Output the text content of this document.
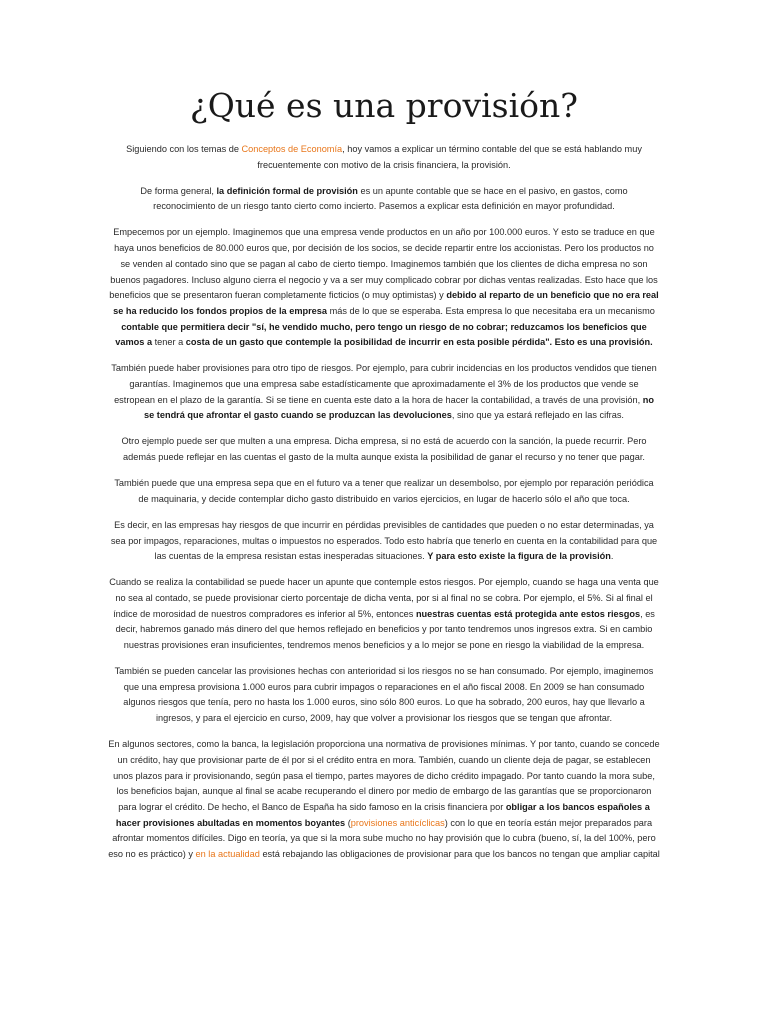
¿Qué es una provisión?

Siguiendo con los temas de Conceptos de Economía, hoy vamos a explicar un término contable del que se está hablando muy frecuentemente con motivo de la crisis financiera, la provisión.

De forma general, la definición formal de provisión es un apunte contable que se hace en el pasivo, en gastos, como reconocimiento de un riesgo tanto cierto como incierto. Pasemos a explicar esta definición en mayor profundidad.

Empecemos por un ejemplo. Imaginemos que una empresa vende productos en un año por 100.000 euros. Y esto se traduce en que haya unos beneficios de 80.000 euros que, por decisión de los socios, se decide repartir entre los accionistas. Pero los productos no se venden al contado sino que se pagan al cabo de cierto tiempo. Imaginemos también que los clientes de dicha empresa no son buenos pagadores. Incluso alguno cierra el negocio y va a ser muy complicado cobrar por dichas ventas realizadas. Esto hace que los beneficios que se presentaron fueran completamente ficticios (o muy optimistas) y debido al reparto de un beneficio que no era real se ha reducido los fondos propios de la empresa más de lo que se esperaba. Esta empresa lo que necesitaba era un mecanismo contable que permitiera decir "sí, he vendido mucho, pero tengo un riesgo de no cobrar; reduzcamos los beneficios que vamos a tener a costa de un gasto que contemple la posibilidad de incurrir en esta posible pérdida". Esto es una provisión.

También puede haber provisiones para otro tipo de riesgos. Por ejemplo, para cubrir incidencias en los productos vendidos que tienen garantías. Imaginemos que una empresa sabe estadísticamente que aproximadamente el 3% de los productos que vende se estropean en el plazo de la garantía. Si se tiene en cuenta este dato a la hora de hacer la contabilidad, a través de una provisión, no se tendrá que afrontar el gasto cuando se produzcan las devoluciones, sino que ya estará reflejado en las cifras.

Otro ejemplo puede ser que multen a una empresa. Dicha empresa, si no está de acuerdo con la sanción, la puede recurrir. Pero además puede reflejar en las cuentas el gasto de la multa aunque exista la posibilidad de ganar el recurso y no tener que pagar.

También puede que una empresa sepa que en el futuro va a tener que realizar un desembolso, por ejemplo por reparación periódica de maquinaria, y decide contemplar dicho gasto distribuido en varios ejercicios, en lugar de hacerlo sólo el año que toca.

Es decir, en las empresas hay riesgos de que incurrir en pérdidas previsibles de cantidades que pueden o no estar determinadas, ya sea por impagos, reparaciones, multas o impuestos no esperados. Todo esto habría que tenerlo en cuenta en la contabilidad para que las cuentas de la empresa resistan estas inesperadas situaciones. Y para esto existe la figura de la provisión.

Cuando se realiza la contabilidad se puede hacer un apunte que contemple estos riesgos. Por ejemplo, cuando se haga una venta que no sea al contado, se puede provisionar cierto porcentaje de dicha venta, por si al final no se cobra. Por ejemplo, el 5%. Si al final el índice de morosidad de nuestros compradores es inferior al 5%, entonces nuestras cuentas está protegida ante estos riesgos, es decir, habremos ganado más dinero del que hemos reflejado en beneficios y por tanto tendremos unos ingresos extra. Si en cambio nuestras provisiones eran insuficientes, tendremos menos beneficios y a lo mejor se pone en riesgo la viabilidad de la empresa.

También se pueden cancelar las provisiones hechas con anterioridad si los riesgos no se han consumado. Por ejemplo, imaginemos que una empresa provisiona 1.000 euros para cubrir impagos o reparaciones en el año fiscal 2008. En 2009 se han consumado algunos riesgos que tenía, pero no hasta los 1.000 euros, sino sólo 800 euros. Lo que ha sobrado, 200 euros, hay que llevarlo a ingresos, y para el ejercicio en curso, 2009, hay que volver a provisionar los riesgos que se tengan que afrontar.

En algunos sectores, como la banca, la legislación proporciona una normativa de provisiones mínimas. Y por tanto, cuando se concede un crédito, hay que provisionar parte de él por si el crédito entra en mora. También, cuando un cliente deja de pagar, se establecen unos plazos para ir provisionando, según pasa el tiempo, partes mayores de dicho crédito impagado. Por tanto cuando la mora sube, los beneficios bajan, aunque al final se acabe recuperando el dinero por medio de embargo de las garantías que se proporcionaron para lograr el crédito. De hecho, el Banco de España ha sido famoso en la crisis financiera por obligar a los bancos españoles a hacer provisiones abultadas en momentos boyantes (provisiones anticíclicas) con lo que en teoría están mejor preparados para afrontar momentos difíciles. Digo en teoría, ya que si la mora sube mucho no hay provisión que lo cubra (bueno, sí, la del 100%, pero eso no es práctico) y en la actualidad está rebajando las obligaciones de provisionar para que los bancos no tengan que ampliar capital
